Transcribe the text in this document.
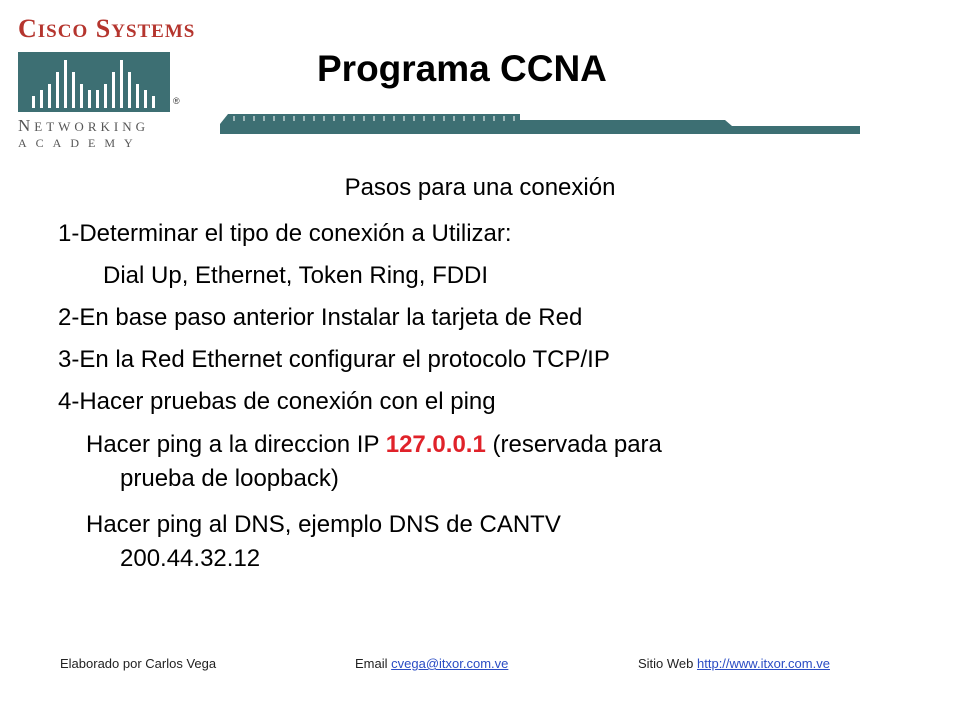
CISCO SYSTEMS
®
NETWORKING
ACADEMY
Programa CCNA
Pasos para una conexión
1-Determinar el tipo de conexión a Utilizar:
Dial Up, Ethernet, Token Ring, FDDI
2-En base paso anterior Instalar la tarjeta de Red
3-En la Red Ethernet configurar el protocolo TCP/IP
4-Hacer pruebas de conexión con el ping
Hacer ping a la direccion IP 127.0.0.1 (reservada para
prueba de loopback)
Hacer ping al DNS, ejemplo DNS de CANTV
200.44.32.12
Elaborado por Carlos Vega	Email cvega@itxor.com.ve	Sitio Web http://www.itxor.com.ve
